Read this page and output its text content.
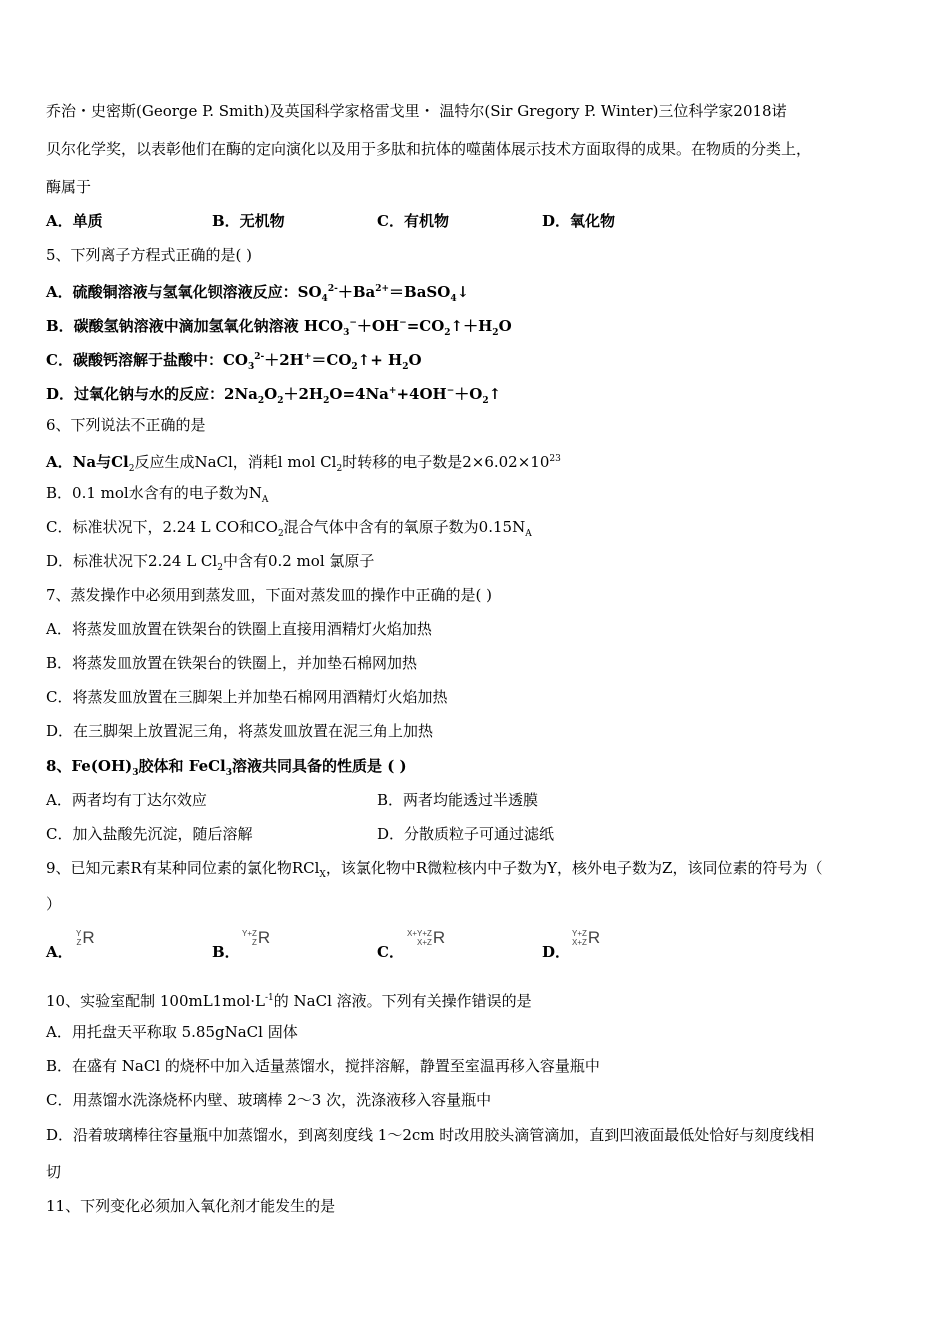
乔治・史密斯(George P. Smith)及英国科学家格雷戈里・ 温特尔(Sir Gregory P. Winter)三位科学家2018诺
贝尔化学奖，以表彰他们在酶的定向演化以及用于多肽和抗体的噬菌体展示技术方面取得的成果。在物质的分类上，
酶属于
A．单质	B．无机物	C．有机物	D．氧化物
5、下列离子方程式正确的是( )
A．硫酸铜溶液与氢氧化钡溶液反应：$SO_4^{2-}+Ba^{2+}=BaSO_4↓$
B．碳酸氢钠溶液中滴加氢氧化钠溶液 $HCO_3^-+OH^-=CO_2↑+H_2O$
C．碳酸钙溶解于盐酸中：$CO_3^{2-}+2H^+=CO_2↑+ H_2O$
D．过氧化钠与水的反应：$2Na_2O_2+2H_2O=4Na^++4OH^-+O_2↑$
6、下列说法不正确的是
A．Na与$Cl_2$反应生成NaCl，消耗l mol $Cl_2$时转移的电子数是$2\times 6.02\times 10^{23}$
B．0.1 mol水含有的电子数为$N_A$
C．标准状况下，2.24 L CO和$CO_2$混合气体中含有的氧原子数为$0.15N_A$
D．标准状况下2.24 L $Cl_2$中含有0.2 mol 氯原子
7、蒸发操作中必须用到蒸发皿，下面对蒸发皿的操作中正确的是( )
A．将蒸发皿放置在铁架台的铁圈上直接用酒精灯火焰加热
B．将蒸发皿放置在铁架台的铁圈上，并加垫石棉网加热
C．将蒸发皿放置在三脚架上并加垫石棉网用酒精灯火焰加热
D．在三脚架上放置泥三角，将蒸发皿放置在泥三角上加热
8、$Fe(OH)_3$胶体和 FeCl$_3$溶液共同具备的性质是 ( )
A．两者均有丁达尔效应	B．两者均能透过半透膜
C．加入盐酸先沉淀，随后溶解	D．分散质粒子可通过滤纸
9、已知元素R有某种同位素的氯化物RCl$_X$，该氯化物中R微粒核内中子数为Y，核外电子数为Z，该同位素的符号为（
）
A．
Y
ZR
B．
Y+Z
ZR
C．
X+Y+Z
X+ZR
D．
Y+Z
X+ZR
10、实验室配制 $100mL1mol\cdot L^{-1}$的 NaCl 溶液。下列有关操作错误的是
A．用托盘天平称取 5.85gNaCl 固体
B．在盛有 NaCl 的烧杯中加入适量蒸馏水，搅拌溶解，静置至室温再移入容量瓶中
C．用蒸馏水洗涤烧杯内壁、玻璃棒 2～3 次，洗涤液移入容量瓶中
D．沿着玻璃棒往容量瓶中加蒸馏水，到离刻度线 1～2cm 时改用胶头滴管滴加，直到凹液面最低处恰好与刻度线相
切
11、下列变化必须加入氧化剂才能发生的是
